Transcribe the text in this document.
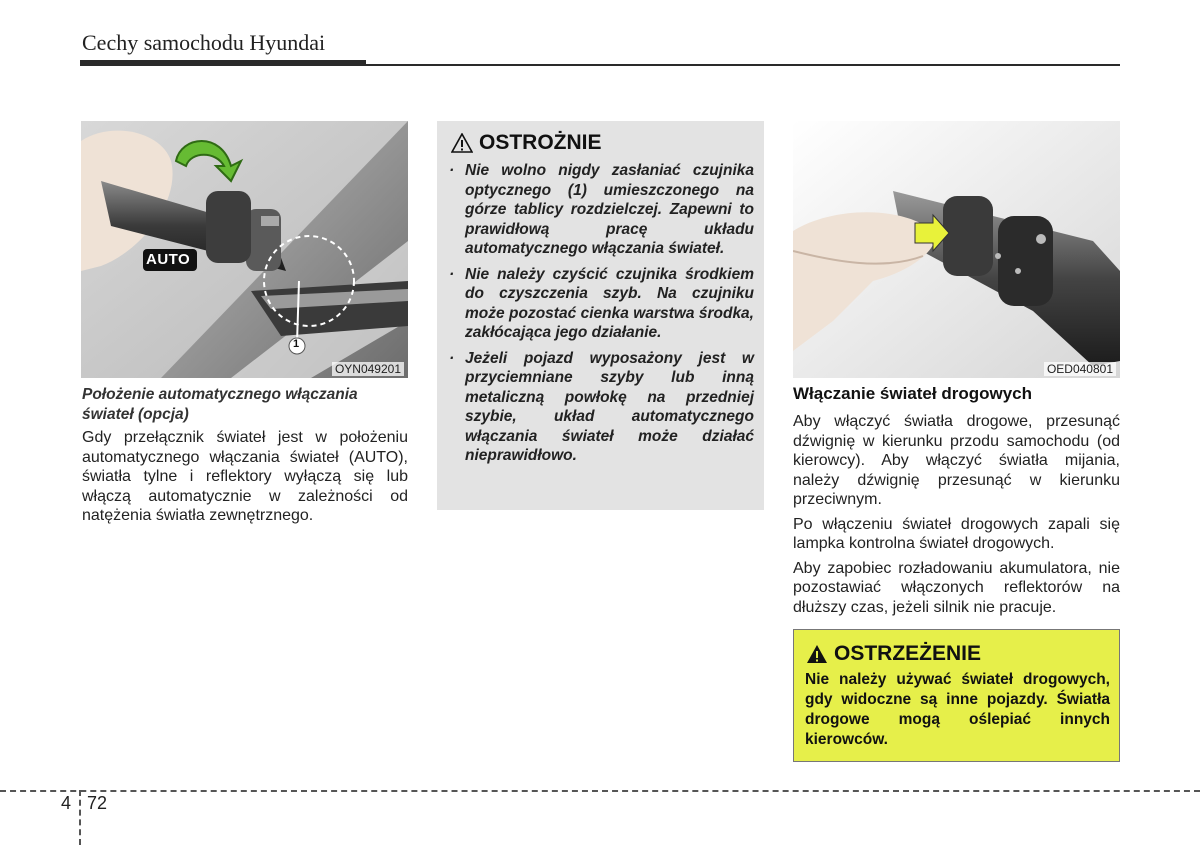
Cechy samochodu Hyundai
OYN049201
AUTO
1
Położenie automatycznego włączania świateł (opcja)

Gdy przełącznik świateł jest w położeniu automatycznego włączania świateł (AUTO), światła tylne i reflektory wyłączą się lub włączą automatycznie w zależności od natężenia światła zewnętrznego.

OSTROŻNIE
· Nie wolno nigdy zasłaniać czujnika optycznego (1) umieszczonego na górze tablicy rozdzielczej. Zapewni to prawidłową pracę układu automatycznego włączania świateł.
· Nie należy czyścić czujnika środkiem do czyszczenia szyb. Na czujniku może pozostać cienka warstwa środka, zakłócająca jego działanie.
· Jeżeli pojazd wyposażony jest w przyciemniane szyby lub inną metaliczną powłokę na przedniej szybie, układ automatycznego włączania świateł może działać nieprawidłowo.
OED040801
Włączanie świateł drogowych

Aby włączyć światła drogowe, przesunąć dźwignię w kierunku przodu samochodu (od kierowcy). Aby włączyć światła mijania, należy dźwignię przesunąć w kierunku przeciwnym.

Po włączeniu świateł drogowych zapali się lampka kontrolna świateł drogowych.

Aby zapobiec rozładowaniu akumulatora, nie pozostawiać włączonych reflektorów na dłuższy czas, jeżeli silnik nie pracuje.

OSTRZEŻENIE

Nie należy używać świateł drogowych, gdy widoczne są inne pojazdy. Światła drogowe mogą oślepiać innych kierowców.

4 72
